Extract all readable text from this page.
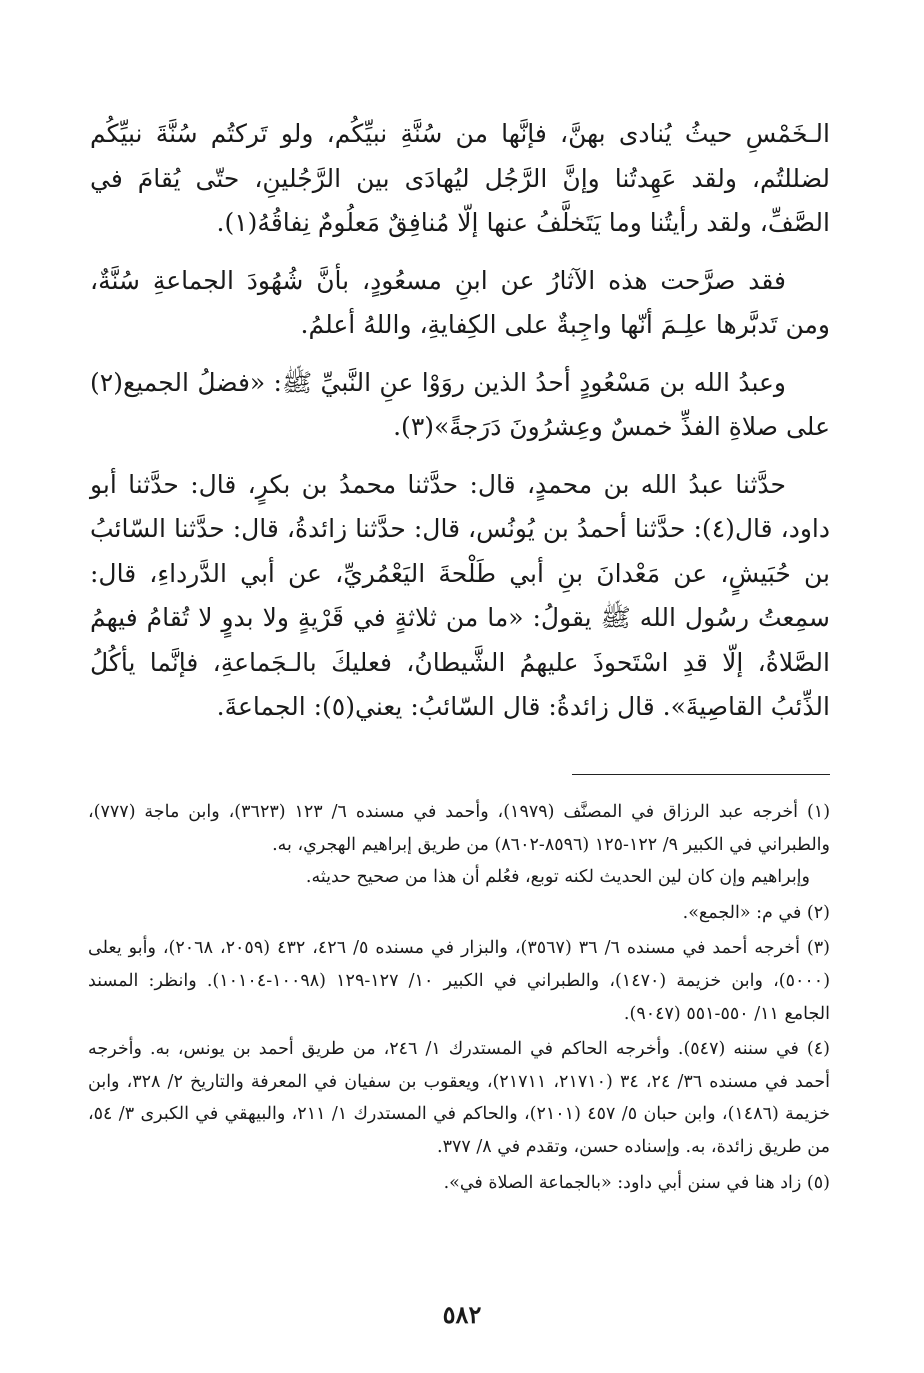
الـخَمْسِ حيثُ يُنادى بهنَّ، فإنَّها من سُنَّةِ نبيِّكُم، ولو تَركتُم سُنَّةَ نبيِّكُم لضللتُم، ولقد عَهِدتُنا وإنَّ الرَّجُل ليُهادَى بين الرَّجُلينِ، حتّى يُقامَ في الصَّفِّ، ولقد رأيتُنا وما يَتَخلَّفُ عنها إلّا مُنافِقٌ مَعلُومٌ نِفاقُهُ(١).

فقد صرَّحت هذه الآثارُ عن ابنِ مسعُودٍ، بأنَّ شُهُودَ الجماعةِ سُنَّةٌ، ومن تَدبَّرها علِـمَ أنّها واجِبةٌ على الكِفايةِ، واللهُ أعلمُ.

وعبدُ الله بن مَسْعُودٍ أحدُ الذين روَوْا عنِ النَّبيِّ ﷺ: «فضلُ الجميع(٢) على صلاةِ الفذِّ خمسٌ وعِشرُونَ دَرَجةً»(٣).

حدَّثنا عبدُ الله بن محمدٍ، قال: حدَّثنا محمدُ بن بكرٍ، قال: حدَّثنا أبو داود، قال(٤): حدَّثنا أحمدُ بن يُونُس، قال: حدَّثنا زائدةُ، قال: حدَّثنا السّائبُ بن حُبَيشٍ، عن مَعْدانَ بنِ أبي طَلْحةَ اليَعْمُريِّ، عن أبي الدَّرداءِ، قال: سمِعتُ رسُول الله ﷺ يقولُ: «ما من ثلاثةٍ في قَرْيةٍ ولا بدوٍ لا تُقامُ فيهمُ الصَّلاةُ، إلّا قدِ اسْتَحوذَ عليهمُ الشَّيطانُ، فعليكَ بالـجَماعةِ، فإنَّما يأكُلُ الذِّئبُ القاصِيةَ». قال زائدةُ: قال السّائبُ: يعني(٥): الجماعةَ.

(١) أخرجه عبد الرزاق في المصنَّف (١٩٧٩)، وأحمد في مسنده ٦/ ١٢٣ (٣٦٢٣)، وابن ماجة (٧٧٧)، والطبراني في الكبير ٩/ ١٢٢-١٢٥ (٨٥٩٦-٨٦٠٢) من طريق إبراهيم الهجري، به.
وإبراهيم وإن كان لين الحديث لكنه توبع، فعُلم أن هذا من صحيح حديثه.

(٢) في م: «الجمع».

(٣) أخرجه أحمد في مسنده ٦/ ٣٦ (٣٥٦٧)، والبزار في مسنده ٥/ ٤٢٦، ٤٣٢ (٢٠٥٩، ٢٠٦٨)، وأبو يعلى (٥٠٠٠)، وابن خزيمة (١٤٧٠)، والطبراني في الكبير ١٠/ ١٢٧-١٢٩ (١٠٠٩٨-١٠١٠٤). وانظر: المسند الجامع ١١/ ٥٥٠-٥٥١ (٩٠٤٧).

(٤) في سننه (٥٤٧). وأخرجه الحاكم في المستدرك ١/ ٢٤٦، من طريق أحمد بن يونس، به. وأخرجه أحمد في مسنده ٣٦/ ٢٤، ٣٤ (٢١٧١٠، ٢١٧١١)، ويعقوب بن سفيان في المعرفة والتاريخ ٢/ ٣٢٨، وابن خزيمة (١٤٨٦)، وابن حبان ٥/ ٤٥٧ (٢١٠١)، والحاكم في المستدرك ١/ ٢١١، والبيهقي في الكبرى ٣/ ٥٤، من طريق زائدة، به. وإسناده حسن، وتقدم في ٨/ ٣٧٧.

(٥) زاد هنا في سنن أبي داود: «بالجماعة الصلاة في».

٥٨٢
